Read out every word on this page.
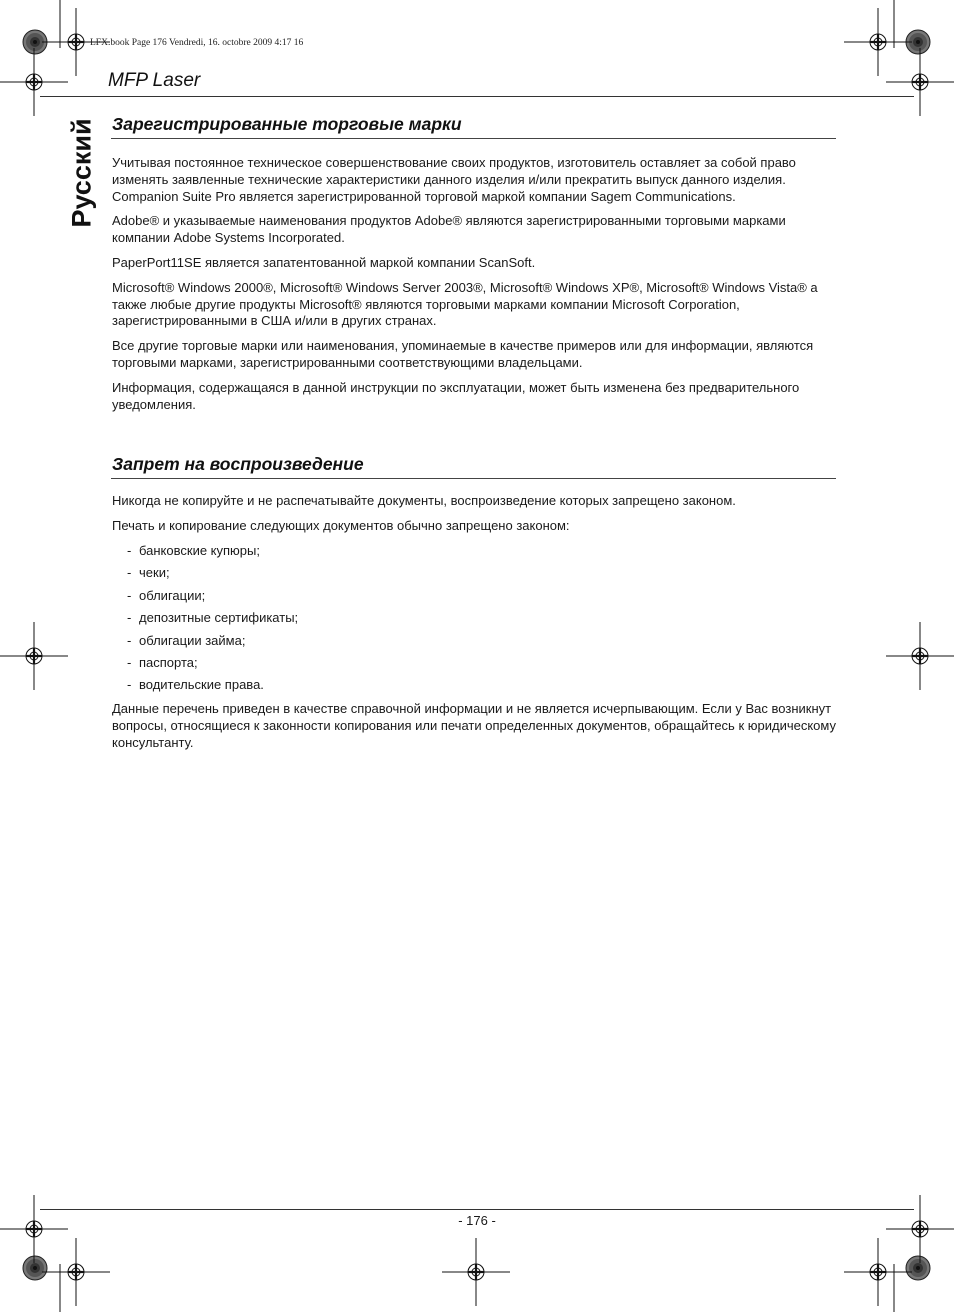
LFX.book Page 176 Vendredi, 16. octobre 2009 4:17 16
MFP Laser
Русский Зарегистрированные торговые марки

Учитывая постоянное техническое совершенствование своих продуктов, изготовитель оставляет за собой право изменять заявленные технические характеристики данного изделия и/или прекратить выпуск данного изделия. Companion Suite Pro является зарегистрированной торговой маркой компании Sagem Communications.

Adobe® и указываемые наименования продуктов Adobe® являются зарегистрированными торговыми марками компании Adobe Systems Incorporated.

PaperPort11SE является запатентованной маркой компании ScanSoft.

Microsoft® Windows 2000®, Microsoft® Windows Server 2003®, Microsoft® Windows XP®, Microsoft® Windows Vista® а также любые другие продукты Microsoft® являются торговыми марками компании Microsoft Corporation, зарегистрированными в США и/или в других странах.

Все другие торговые марки или наименования, упоминаемые в качестве примеров или для информации, являются торговыми марками, зарегистрированными соответствующими владельцами.

Информация, содержащаяся в данной инструкции по эксплуатации, может быть изменена без предварительного уведомления.

Запрет на воспроизведение

Никогда не копируйте и не распечатывайте документы, воспроизведение которых запрещено законом.

Печать и копирование следующих документов обычно запрещено законом:

- банковские купюры;
- чеки;
- облигации;
- депозитные сертификаты;
- облигации займа;
- паспорта;
- водительские права.

Данные перечень приведен в качестве справочной информации и не является исчерпывающим. Если у Вас возникнут вопросы, относящиеся к законности копирования или печати определенных документов, обращайтесь к юридическому консультанту.

- 176 -
